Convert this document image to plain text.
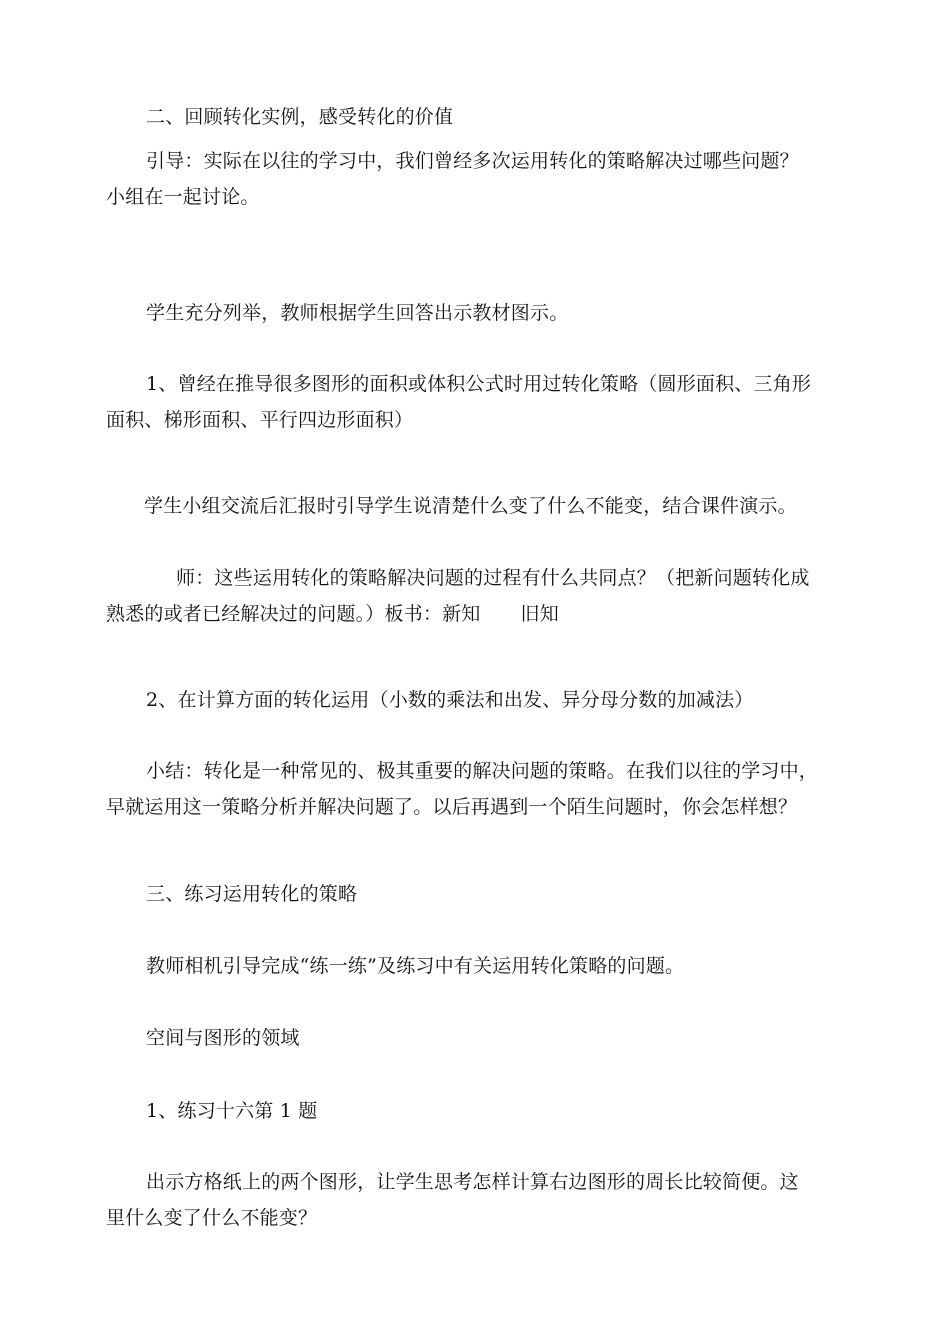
二、回顾转化实例，感受转化的价值
引导：实际在以往的学习中，我们曾经多次运用转化的策略解决过哪些问题？
小组在一起讨论。
学生充分列举，教师根据学生回答出示教材图示。
1、曾经在推导很多图形的面积或体积公式时用过转化策略（圆形面积、三角形
面积、梯形面积、平行四边形面积）
学生小组交流后汇报时引导学生说清楚什么变了什么不能变，结合课件演示。
师：这些运用转化的策略解决问题的过程有什么共同点？（把新问题转化成
熟悉的或者已经解决过的问题。）板书：新知 旧知
2、在计算方面的转化运用（小数的乘法和出发、异分母分数的加减法）
小结：转化是一种常见的、极其重要的解决问题的策略。在我们以往的学习中，
早就运用这一策略分析并解决问题了。以后再遇到一个陌生问题时，你会怎样想？
三、练习运用转化的策略
教师相机引导完成“练一练”及练习中有关运用转化策略的问题。
空间与图形的领域
1、练习十六第 1 题
出示方格纸上的两个图形，让学生思考怎样计算右边图形的周长比较简便。这
里什么变了什么不能变？
